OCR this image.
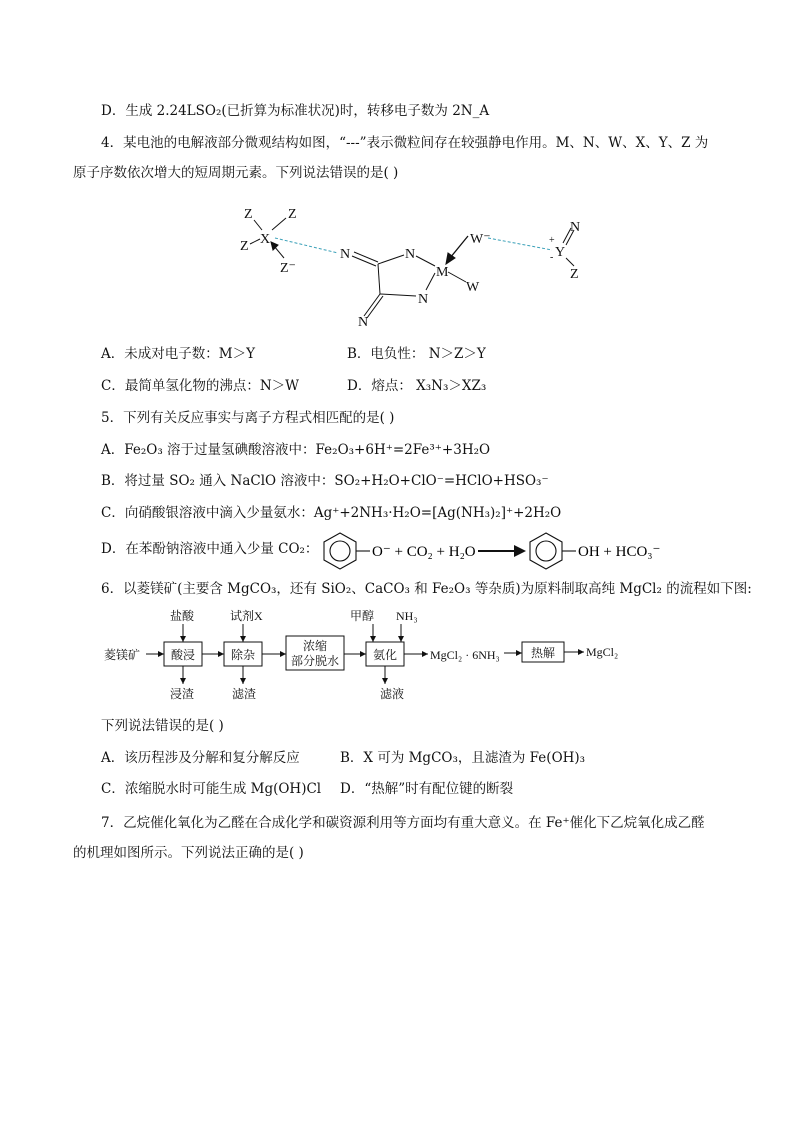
D．生成 2.24LSO₂(已折算为标准状况)时，转移电子数为 2N_A
4．某电池的电解液部分微观结构如图，“---”表示微粒间存在较强静电作用。M、N、W、X、Y、Z 为
原子序数依次增大的短周期元素。下列说法错误的是( )
Z	Z
Z X
Z⁻
N	N
M
N
N
W
W⁻
N
Y
Z
+
-
A．未成对电子数：M＞Y	B．电负性： N＞Z＞Y
C．最简单氢化物的沸点：N＞W	D．熔点： X₃N₃＞XZ₃
5．下列有关反应事实与离子方程式相匹配的是( )
A．Fe₂O₃ 溶于过量氢碘酸溶液中：Fe₂O₃+6H⁺=2Fe³⁺+3H₂O
B．将过量 SO₂ 通入 NaClO 溶液中：SO₂+H₂O+ClO⁻=HClO+HSO₃⁻
C．向硝酸银溶液中滴入少量氨水：Ag⁺+2NH₃·H₂O=[Ag(NH₃)₂]⁺+2H₂O
D．在苯酚钠溶液中通入少量 CO₂：	O⁻ + CO₂ + H₂O	OH + HCO₃⁻
6．以菱镁矿(主要含 MgCO₃，还有 SiO₂、CaCO₃ 和 Fe₂O₃ 等杂质)为原料制取高纯 MgCl₂ 的流程如下图:
菱镁矿
盐酸	试剂X	甲醇 NH₃
MgCl₂ · 6NH₃	MgCl₂
浸渣	滤渣	滤液
酸浸	除杂
浓缩
部分脱水	氨化	热解
下列说法错误的是( )
A．该历程涉及分解和复分解反应	B．X 可为 MgCO₃，且滤渣为 Fe(OH)₃
C．浓缩脱水时可能生成 Mg(OH)Cl D．“热解”时有配位键的断裂
7．乙烷催化氧化为乙醛在合成化学和碳资源利用等方面均有重大意义。在 Fe⁺催化下乙烷氧化成乙醛
的机理如图所示。下列说法正确的是( )
